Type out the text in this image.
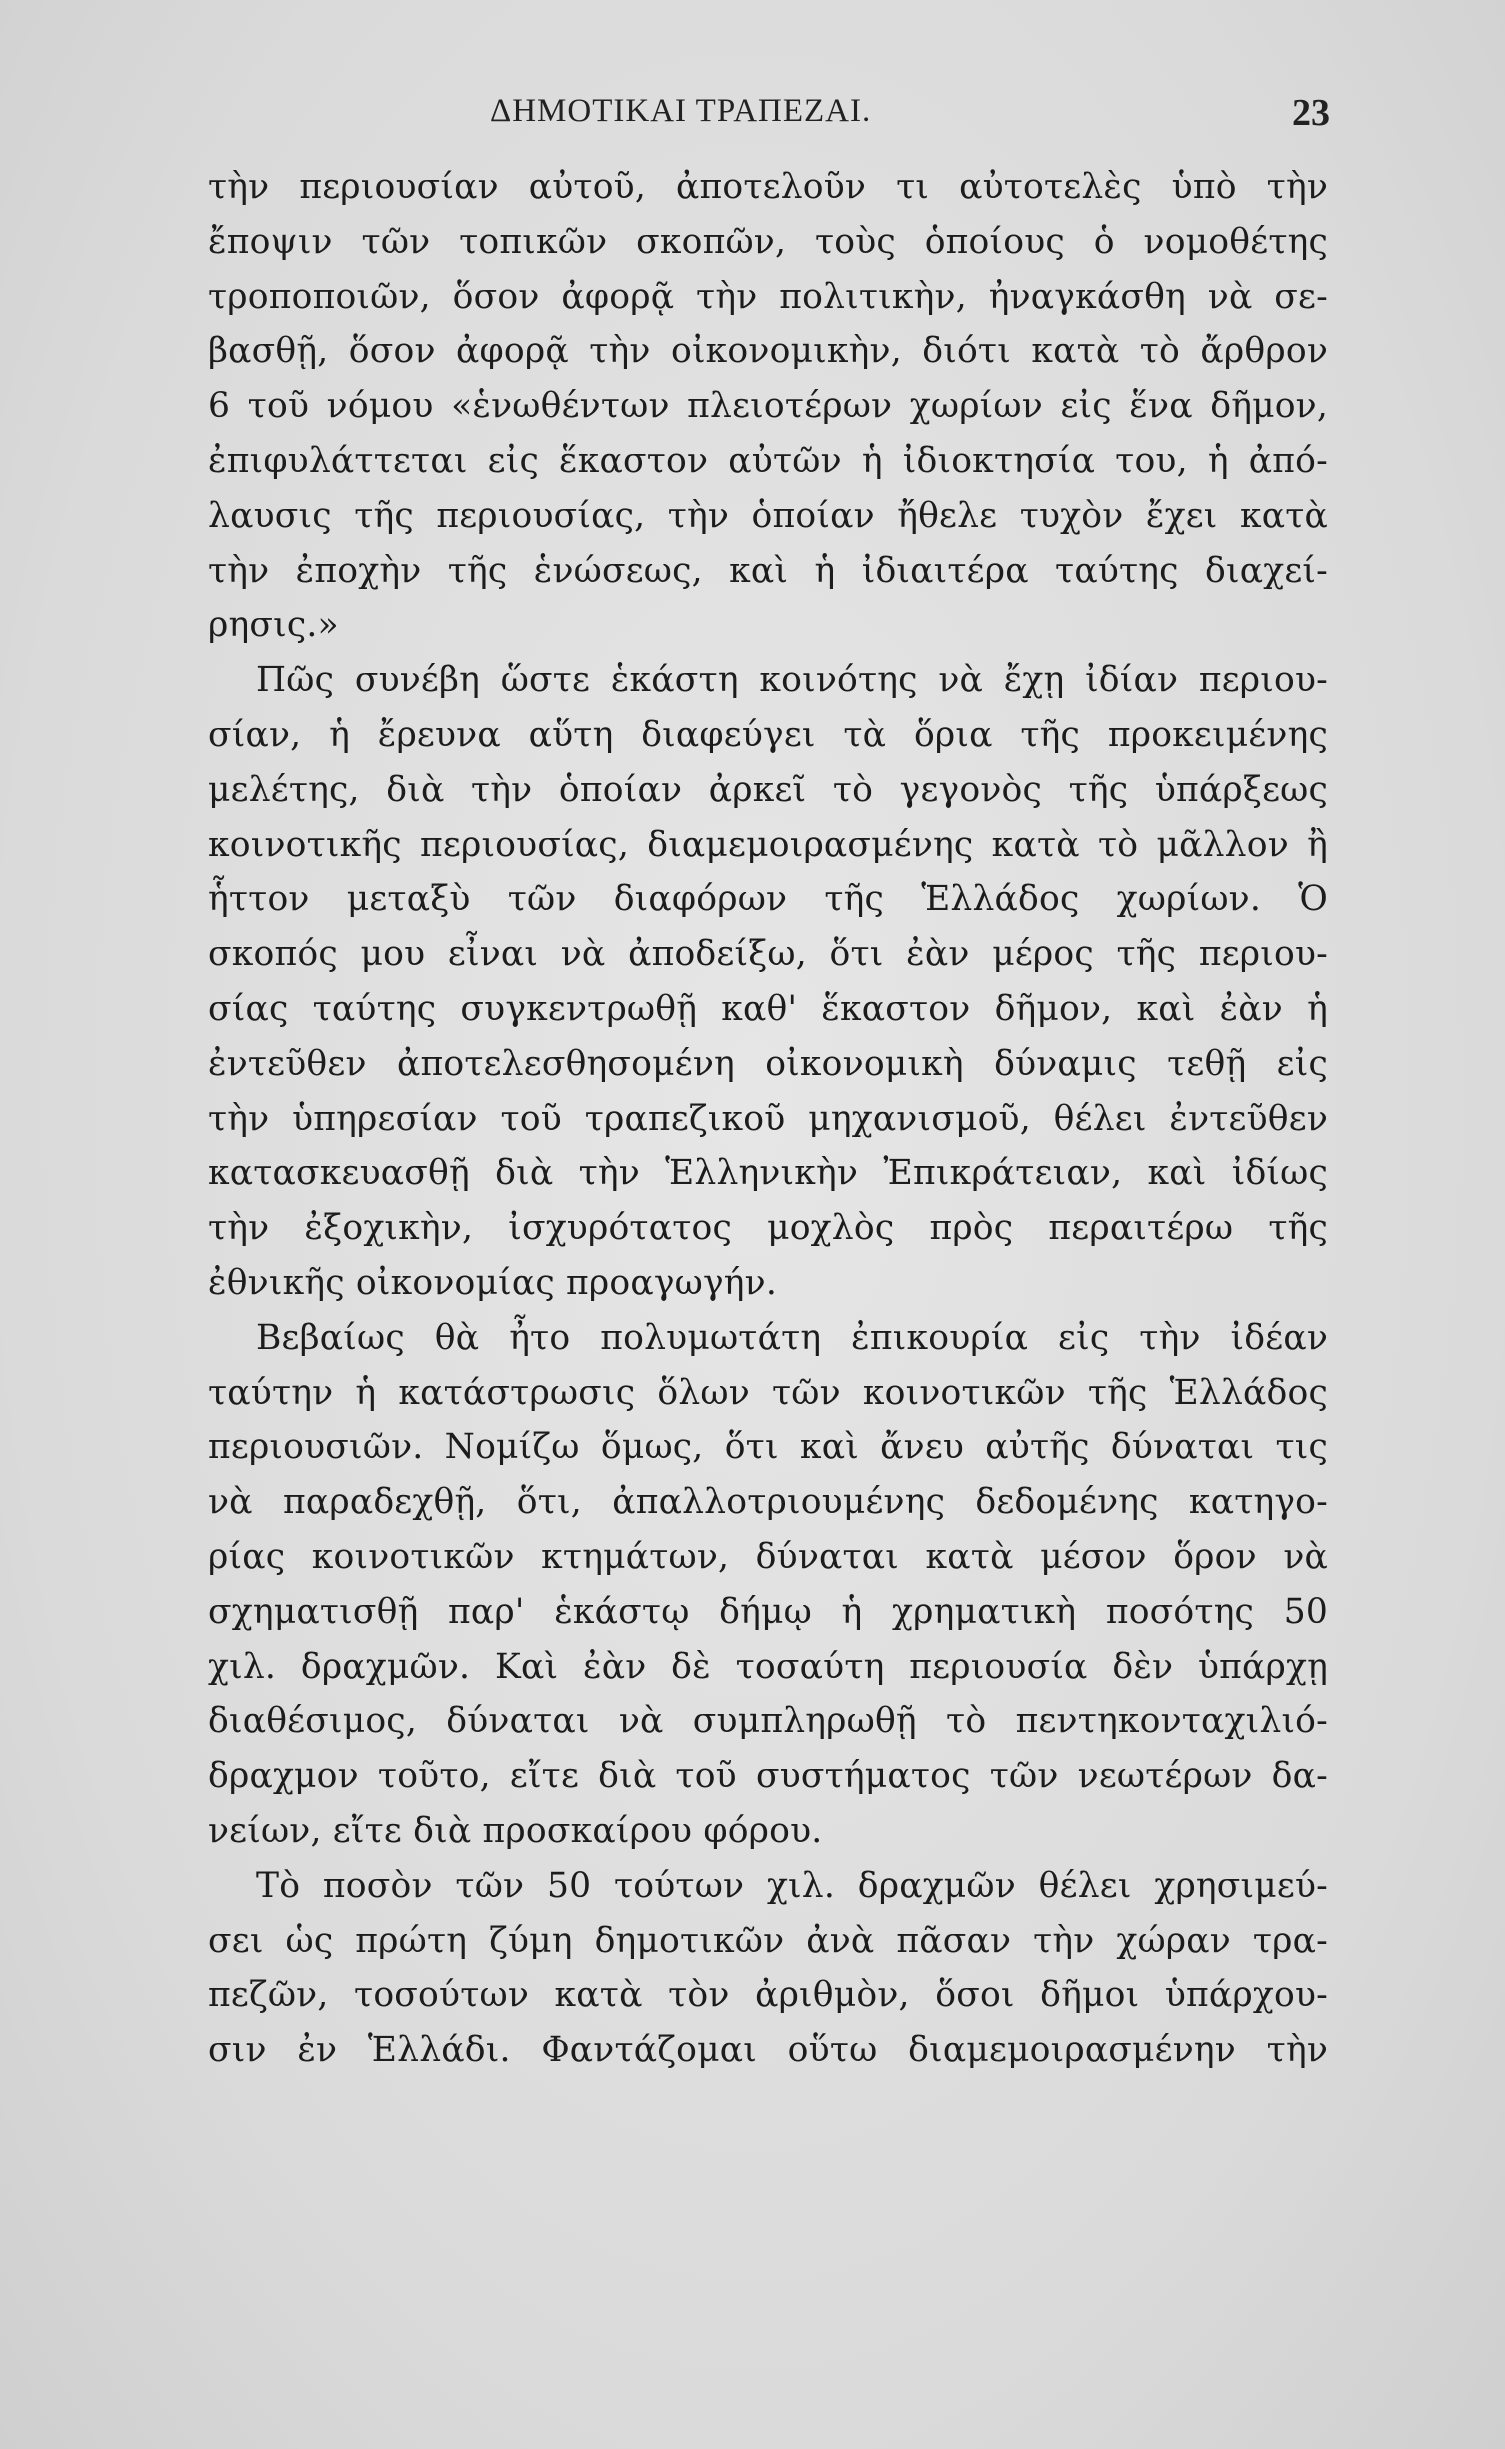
ΔΗΜΟΤΙΚΑΙ ΤΡΑΠΕΖΑΙ.	23
τὴν περιουσίαν αὐτοῦ, ἀποτελοῦν τι αὐτοτελὲς ὑπὸ τὴν
ἔποψιν τῶν τοπικῶν σκοπῶν, τοὺς ὁποίους ὁ νομοθέτης
τροποποιῶν, ὅσον ἀφορᾷ τὴν πολιτικὴν, ἠναγκάσθη νὰ σε-
βασθῇ, ὅσον ἀφορᾷ τὴν οἰκονομικὴν, διότι κατὰ τὸ ἄρθρον
6 τοῦ νόμου «ἑνωθέντων πλειοτέρων χωρίων εἰς ἕνα δῆμον,
ἐπιφυλάττεται εἰς ἕκαστον αὐτῶν ἡ ἰδιοκτησία του, ἡ ἀπό-
λαυσις τῆς περιουσίας, τὴν ὁποίαν ἤθελε τυχὸν ἔχει κατὰ
τὴν ἐποχὴν τῆς ἑνώσεως, καὶ ἡ ἰδιαιτέρα ταύτης διαχεί-
ρησις.»
Πῶς συνέβη ὥστε ἑκάστη κοινότης νὰ ἔχῃ ἰδίαν περιου-
σίαν, ἡ ἔρευνα αὕτη διαφεύγει τὰ ὅρια τῆς προκειμένης
μελέτης, διὰ τὴν ὁποίαν ἀρκεῖ τὸ γεγονὸς τῆς ὑπάρξεως
κοινοτικῆς περιουσίας, διαμεμοιρασμένης κατὰ τὸ μᾶλλον ἢ
ἧττον μεταξὺ τῶν διαφόρων τῆς Ἑλλάδος χωρίων. Ὁ
σκοπός μου εἶναι νὰ ἀποδείξω, ὅτι ἐὰν μέρος τῆς περιου-
σίας ταύτης συγκεντρωθῇ καθ' ἕκαστον δῆμον, καὶ ἐὰν ἡ
ἐντεῦθεν ἀποτελεσθησομένη οἰκονομικὴ δύναμις τεθῇ εἰς
τὴν ὑπηρεσίαν τοῦ τραπεζικοῦ μηχανισμοῦ, θέλει ἐντεῦθεν
κατασκευασθῇ διὰ τὴν Ἑλληνικὴν Ἐπικράτειαν, καὶ ἰδίως
τὴν ἐξοχικὴν, ἰσχυρότατος μοχλὸς πρὸς περαιτέρω τῆς
ἐθνικῆς οἰκονομίας προαγωγήν.
Βεβαίως θὰ ἦτο πολυμωτάτη ἐπικουρία εἰς τὴν ἰδέαν
ταύτην ἡ κατάστρωσις ὅλων τῶν κοινοτικῶν τῆς Ἑλλάδος
περιουσιῶν. Νομίζω ὅμως, ὅτι καὶ ἄνευ αὐτῆς δύναται τις
νὰ παραδεχθῇ, ὅτι, ἀπαλλοτριουμένης δεδομένης κατηγο-
ρίας κοινοτικῶν κτημάτων, δύναται κατὰ μέσον ὅρον νὰ
σχηματισθῇ παρ' ἑκάστῳ δήμῳ ἡ χρηματικὴ ποσότης 50
χιλ. δραχμῶν. Καὶ ἐὰν δὲ τοσαύτη περιουσία δὲν ὑπάρχῃ
διαθέσιμος, δύναται νὰ συμπληρωθῇ τὸ πεντηκονταχιλιό-
δραχμον τοῦτο, εἴτε διὰ τοῦ συστήματος τῶν νεωτέρων δα-
νείων, εἴτε διὰ προσκαίρου φόρου.
Τὸ ποσὸν τῶν 50 τούτων χιλ. δραχμῶν θέλει χρησιμεύ-
σει ὡς πρώτη ζύμη δημοτικῶν ἀνὰ πᾶσαν τὴν χώραν τρα-
πεζῶν, τοσούτων κατὰ τὸν ἀριθμὸν, ὅσοι δῆμοι ὑπάρχου-
σιν ἐν Ἑλλάδι. Φαντάζομαι οὕτω διαμεμοιρασμένην τὴν
